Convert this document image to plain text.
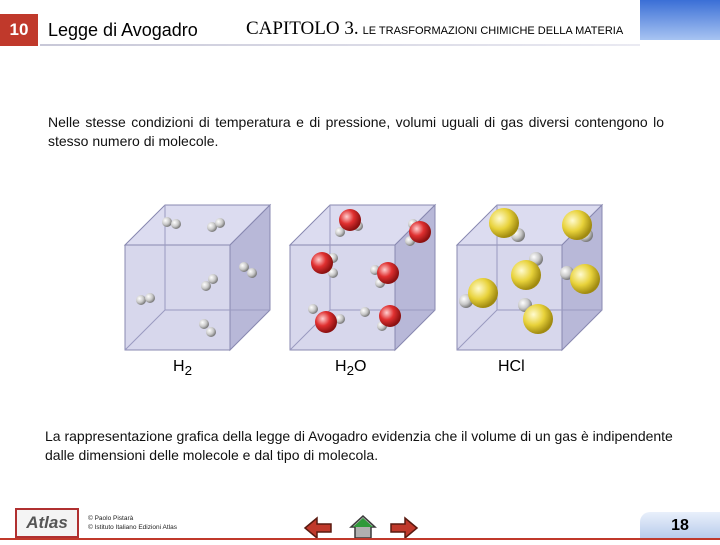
10	Legge di Avogadro	CAPITOLO 3. LE TRASFORMAZIONI CHIMICHE DELLA MATERIA
Nelle stesse condizioni di temperatura e di pressione, volumi uguali di gas diversi contengono lo stesso numero di molecole.
$H_2$	$H_2O$	HCl
La rappresentazione grafica della legge di Avogadro evidenzia che il volume di un gas è indipendente dalle dimensioni delle molecole e dal tipo di molecola.
Atlas	© Paolo Pistarà
© Istituto Italiano Edizioni Atlas	18
